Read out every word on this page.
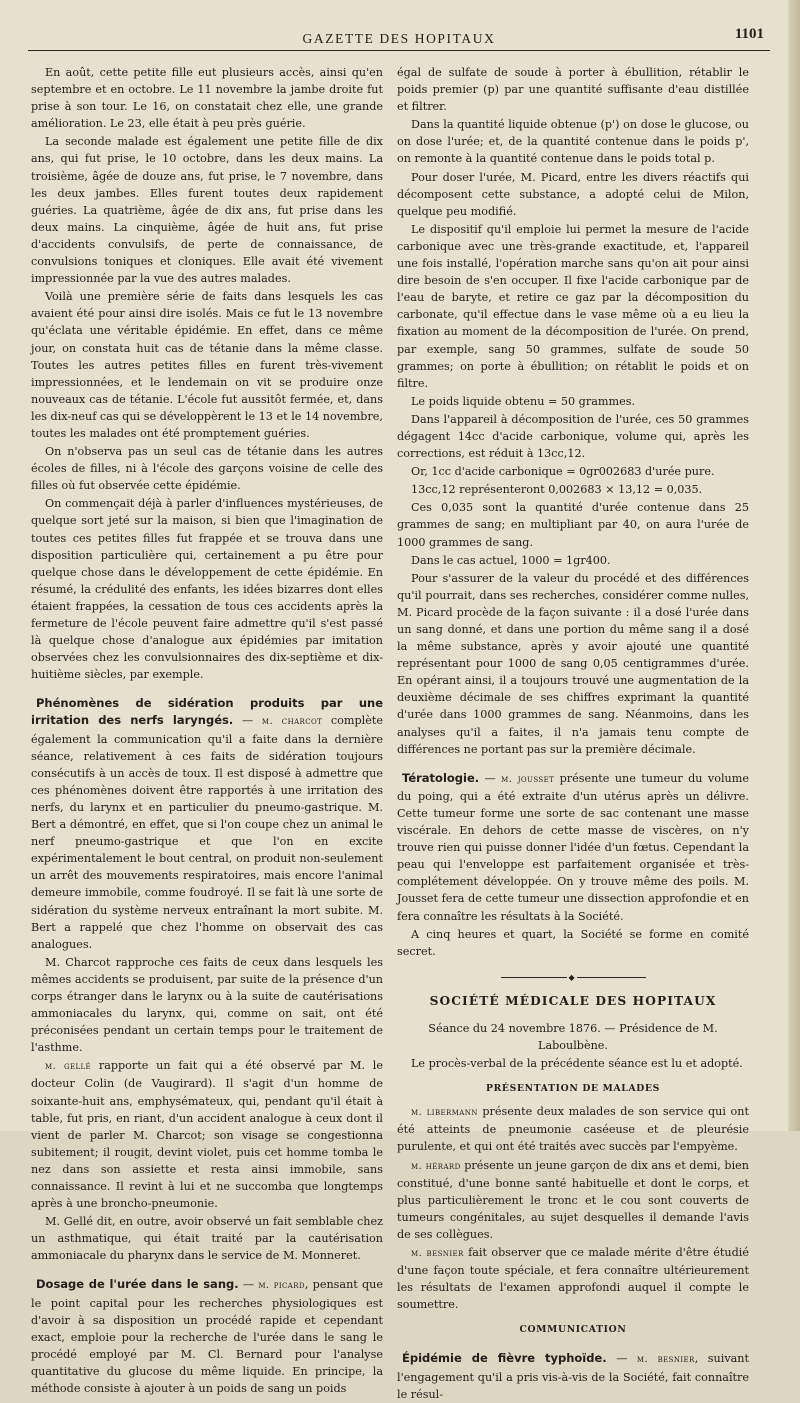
GAZETTE DES HOPITAUX	1101

En août, cette petite fille eut plusieurs accès, ainsi qu'en septembre et en octobre. Le 11 novembre la jambe droite fut prise à son tour. Le 16, on constatait chez elle, une grande amélioration. Le 23, elle était à peu près guérie.

La seconde malade est également une petite fille de dix ans, qui fut prise, le 10 octobre, dans les deux mains. La troisième, âgée de douze ans, fut prise, le 7 novembre, dans les deux jambes. Elles furent toutes deux rapidement guéries. La quatrième, âgée de dix ans, fut prise dans les deux mains. La cinquième, âgée de huit ans, fut prise d'accidents convulsifs, de perte de connaissance, de convulsions toniques et cloniques. Elle avait été vivement impressionnée par la vue des autres malades.

Voilà une première série de faits dans lesquels les cas avaient été pour ainsi dire isolés. Mais ce fut le 13 novembre qu'éclata une véritable épidémie. En effet, dans ce même jour, on constata huit cas de tétanie dans la même classe. Toutes les autres petites filles en furent très-vivement impressionnées, et le lendemain on vit se produire onze nouveaux cas de tétanie. L'école fut aussitôt fermée, et, dans les dix-neuf cas qui se développèrent le 13 et le 14 novembre, toutes les malades ont été promptement guéries.

On n'observa pas un seul cas de tétanie dans les autres écoles de filles, ni à l'école des garçons voisine de celle des filles où fut observée cette épidémie.

On commençait déjà à parler d'influences mystérieuses, de quelque sort jeté sur la maison, si bien que l'imagination de toutes ces petites filles fut frappée et se trouva dans une disposition particulière qui, certainement a pu être pour quelque chose dans le développement de cette épidémie. En résumé, la crédulité des enfants, les idées bizarres dont elles étaient frappées, la cessation de tous ces accidents après la fermeture de l'école peuvent faire admettre qu'il s'est passé là quelque chose d'analogue aux épidémies par imitation observées chez les convulsionnaires des dix-septième et dix-huitième siècles, par exemple.

Phénomènes de sidération produits par une irritation des nerfs laryngés. — m. charcot complète également la communication qu'il a faite dans la dernière séance, relativement à ces faits de sidération toujours consécutifs à un accès de toux. Il est disposé à admettre que ces phénomènes doivent être rapportés à une irritation des nerfs, du larynx et en particulier du pneumo-gastrique. M. Bert a démontré, en effet, que si l'on coupe chez un animal le nerf pneumo-gastrique et que l'on en excite expérimentalement le bout central, on produit non-seulement un arrêt des mouvements respiratoires, mais encore l'animal demeure immobile, comme foudroyé. Il se fait là une sorte de sidération du système nerveux entraînant la mort subite. M. Bert a rappelé que chez l'homme on observait des cas analogues.

M. Charcot rapproche ces faits de ceux dans lesquels les mêmes accidents se produisent, par suite de la présence d'un corps étranger dans le larynx ou à la suite de cautérisations ammoniacales du larynx, qui, comme on sait, ont été préconisées pendant un certain temps pour le traitement de l'asthme.

m. gellé rapporte un fait qui a été observé par M. le docteur Colin (de Vaugirard). Il s'agit d'un homme de soixante-huit ans, emphysémateux, qui, pendant qu'il était à table, fut pris, en riant, d'un accident analogue à ceux dont il vient de parler M. Charcot; son visage se congestionna subitement; il rougit, devint violet, puis cet homme tomba le nez dans son assiette et resta ainsi immobile, sans connaissance. Il revint à lui et ne succomba que longtemps après à une broncho-pneumonie.

M. Gellé dit, en outre, avoir observé un fait semblable chez un asthmatique, qui était traité par la cautérisation ammoniacale du pharynx dans le service de M. Monneret.

Dosage de l'urée dans le sang. — m. picard, pensant que le point capital pour les recherches physiologiques est d'avoir à sa disposition un procédé rapide et cependant exact, emploie pour la recherche de l'urée dans le sang le procédé employé par M. Cl. Bernard pour l'analyse quantitative du glucose du même liquide. En principe, la méthode consiste à ajouter à un poids de sang un poids

égal de sulfate de soude à porter à ébullition, rétablir le poids premier (p) par une quantité suffisante d'eau distillée et filtrer.

Dans la quantité liquide obtenue (p') on dose le glucose, ou on dose l'urée; et, de la quantité contenue dans le poids p', on remonte à la quantité contenue dans le poids total p.

Pour doser l'urée, M. Picard, entre les divers réactifs qui décomposent cette substance, a adopté celui de Milon, quelque peu modifié.

Le dispositif qu'il emploie lui permet la mesure de l'acide carbonique avec une très-grande exactitude, et, l'appareil une fois installé, l'opération marche sans qu'on ait pour ainsi dire besoin de s'en occuper. Il fixe l'acide carbonique par de l'eau de baryte, et retire ce gaz par la décomposition du carbonate, qu'il effectue dans le vase même où a eu lieu la fixation au moment de la décomposition de l'urée. On prend, par exemple, sang 50 grammes, sulfate de soude 50 grammes; on porte à ébullition; on rétablit le poids et on filtre.

Le poids liquide obtenu = 50 grammes.

Dans l'appareil à décomposition de l'urée, ces 50 grammes dégagent 14cc d'acide carbonique, volume qui, après les corrections, est réduit à 13cc,12.

Or, 1cc d'acide carbonique = 0gr002683 d'urée pure.

13cc,12 représenteront 0,002683 × 13,12 = 0,035.

Ces 0,035 sont la quantité d'urée contenue dans 25 grammes de sang; en multipliant par 40, on aura l'urée de 1000 grammes de sang.

Dans le cas actuel, 1000 = 1gr400.

Pour s'assurer de la valeur du procédé et des différences qu'il pourrait, dans ses recherches, considérer comme nulles, M. Picard procède de la façon suivante : il a dosé l'urée dans un sang donné, et dans une portion du même sang il a dosé la même substance, après y avoir ajouté une quantité représentant pour 1000 de sang 0,05 centigrammes d'urée. En opérant ainsi, il a toujours trouvé une augmentation de la deuxième décimale de ses chiffres exprimant la quantité d'urée dans 1000 grammes de sang. Néanmoins, dans les analyses qu'il a faites, il n'a jamais tenu compte de différences ne portant pas sur la première décimale.

Tératologie. — m. jousset présente une tumeur du volume du poing, qui a été extraite d'un utérus après un délivre. Cette tumeur forme une sorte de sac contenant une masse viscérale. En dehors de cette masse de viscères, on n'y trouve rien qui puisse donner l'idée d'un fœtus. Cependant la peau qui l'enveloppe est parfaitement organisée et très-complétement développée. On y trouve même des poils. M. Jousset fera de cette tumeur une dissection approfondie et en fera connaître les résultats à la Société.

A cinq heures et quart, la Société se forme en comité secret.

◆
SOCIÉTÉ MÉDICALE DES HOPITAUX

Séance du 24 novembre 1876. — Présidence de M. Laboulbène.

Le procès-verbal de la précédente séance est lu et adopté.

PRÉSENTATION DE MALADES

m. libermann présente deux malades de son service qui ont été atteints de pneumonie caséeuse et de pleurésie purulente, et qui ont été traités avec succès par l'empyème.

m. hérard présente un jeune garçon de dix ans et demi, bien constitué, d'une bonne santé habituelle et dont le corps, et plus particulièrement le tronc et le cou sont couverts de tumeurs congénitales, au sujet desquelles il demande l'avis de ses collègues.

m. besnier fait observer que ce malade mérite d'être étudié d'une façon toute spéciale, et fera connaître ultérieurement les résultats de l'examen approfondi auquel il compte le soumettre.

COMMUNICATION

Épidémie de fièvre typhoïde. — m. besnier, suivant l'engagement qu'il a pris vis-à-vis de la Société, fait connaître le résul-
